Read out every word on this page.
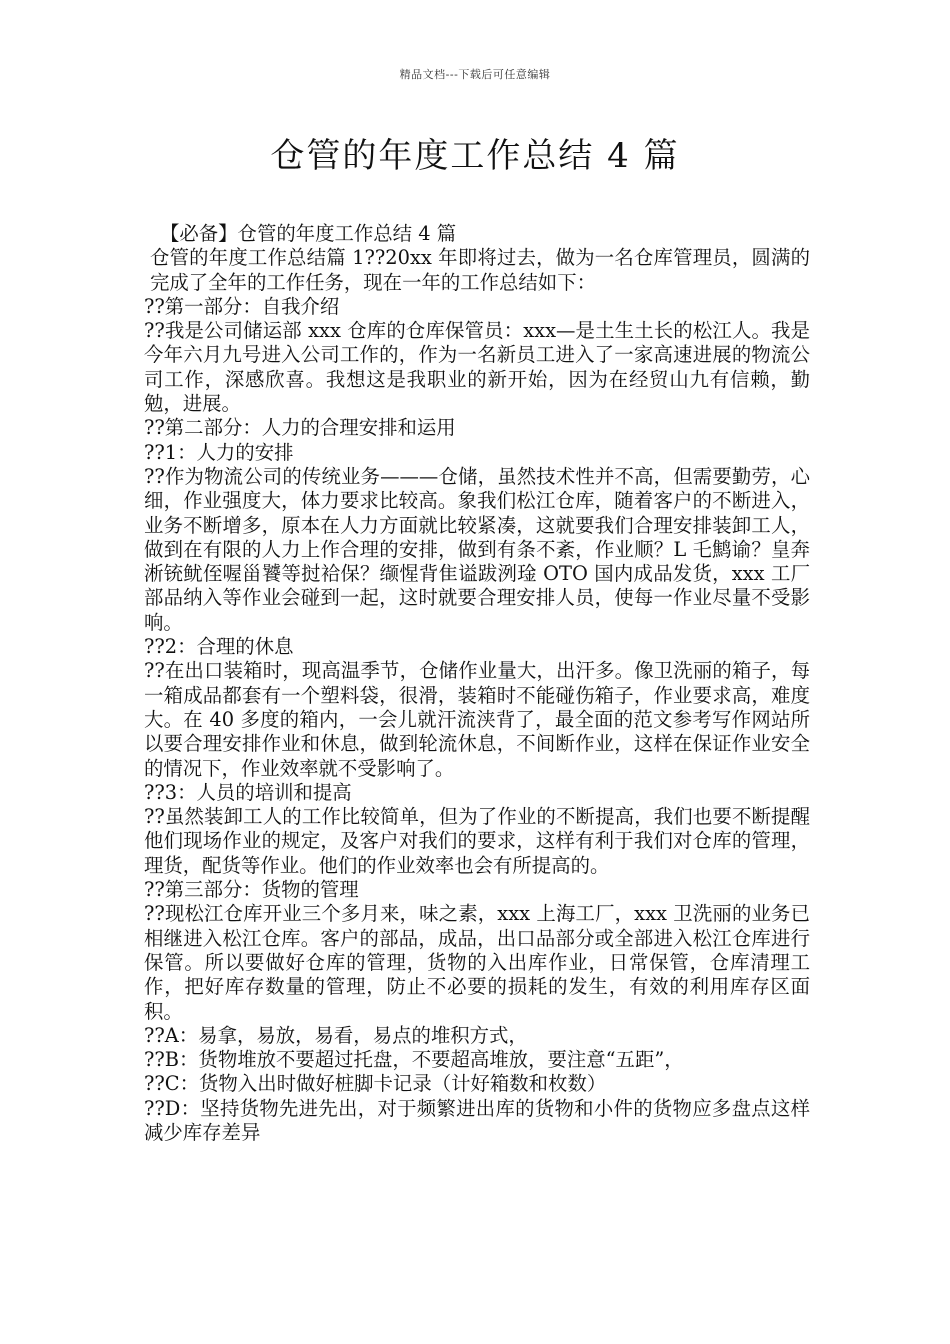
精品文档---下载后可任意编辑
仓管的年度工作总结 4 篇

【必备】仓管的年度工作总结 4 篇

仓管的年度工作总结篇 1??20xx 年即将过去，做为一名仓库管理员，圆满的完成了全年的工作任务，现在一年的工作总结如下：

??第一部分：自我介绍

??我是公司储运部 xxx 仓库的仓库保管员：xxx—是土生土长的松江人。我是今年六月九号进入公司工作的，作为一名新员工进入了一家高速进展的物流公司工作，深感欣喜。我想这是我职业的新开始，因为在经贸山九有信赖，勤勉，进展。

??第二部分：人力的合理安排和运用

??1：人力的安排

??作为物流公司的传统业务———仓储，虽然技术性并不高，但需要勤劳，心细，作业强度大，体力要求比较高。象我们松江仓库，随着客户的不断进入，业务不断增多，原本在人力方面就比较紧凑，这就要我们合理安排装卸工人，做到在有限的人力上作合理的安排，做到有条不紊，作业顺？L 乇鹪谕？皇奔淅铳鱿侄喔甾饕等挝袷保？缬惺背隹谥跋洌琻 OTO 国内成品发货，xxx 工厂部品纳入等作业会碰到一起，这时就要合理安排人员，使每一作业尽量不受影响。

??2：合理的休息

??在出口装箱时，现高温季节，仓储作业量大，出汗多。像卫洗丽的箱子，每一箱成品都套有一个塑料袋，很滑，装箱时不能碰伤箱子，作业要求高，难度大。在 40 多度的箱内，一会儿就汗流浃背了，最全面的范文参考写作网站所以要合理安排作业和休息，做到轮流休息，不间断作业，这样在保证作业安全的情况下，作业效率就不受影响了。

??3：人员的培训和提高

??虽然装卸工人的工作比较简单，但为了作业的不断提高，我们也要不断提醒他们现场作业的规定，及客户对我们的要求，这样有利于我们对仓库的管理，理货，配货等作业。他们的作业效率也会有所提高的。

??第三部分：货物的管理

??现松江仓库开业三个多月来，味之素，xxx 上海工厂，xxx 卫洗丽的业务已相继进入松江仓库。客户的部品，成品，出口品部分或全部进入松江仓库进行保管。所以要做好仓库的管理，货物的入出库作业，日常保管，仓库清理工作，把好库存数量的管理，防止不必要的损耗的发生，有效的利用库存区面积。

??A：易拿，易放，易看，易点的堆积方式，

??B：货物堆放不要超过托盘，不要超高堆放，要注意“五距”，

??C：货物入出时做好桩脚卡记录（计好箱数和枚数）

??D：坚持货物先进先出，对于频繁进出库的货物和小件的货物应多盘点这样减少库存差异
